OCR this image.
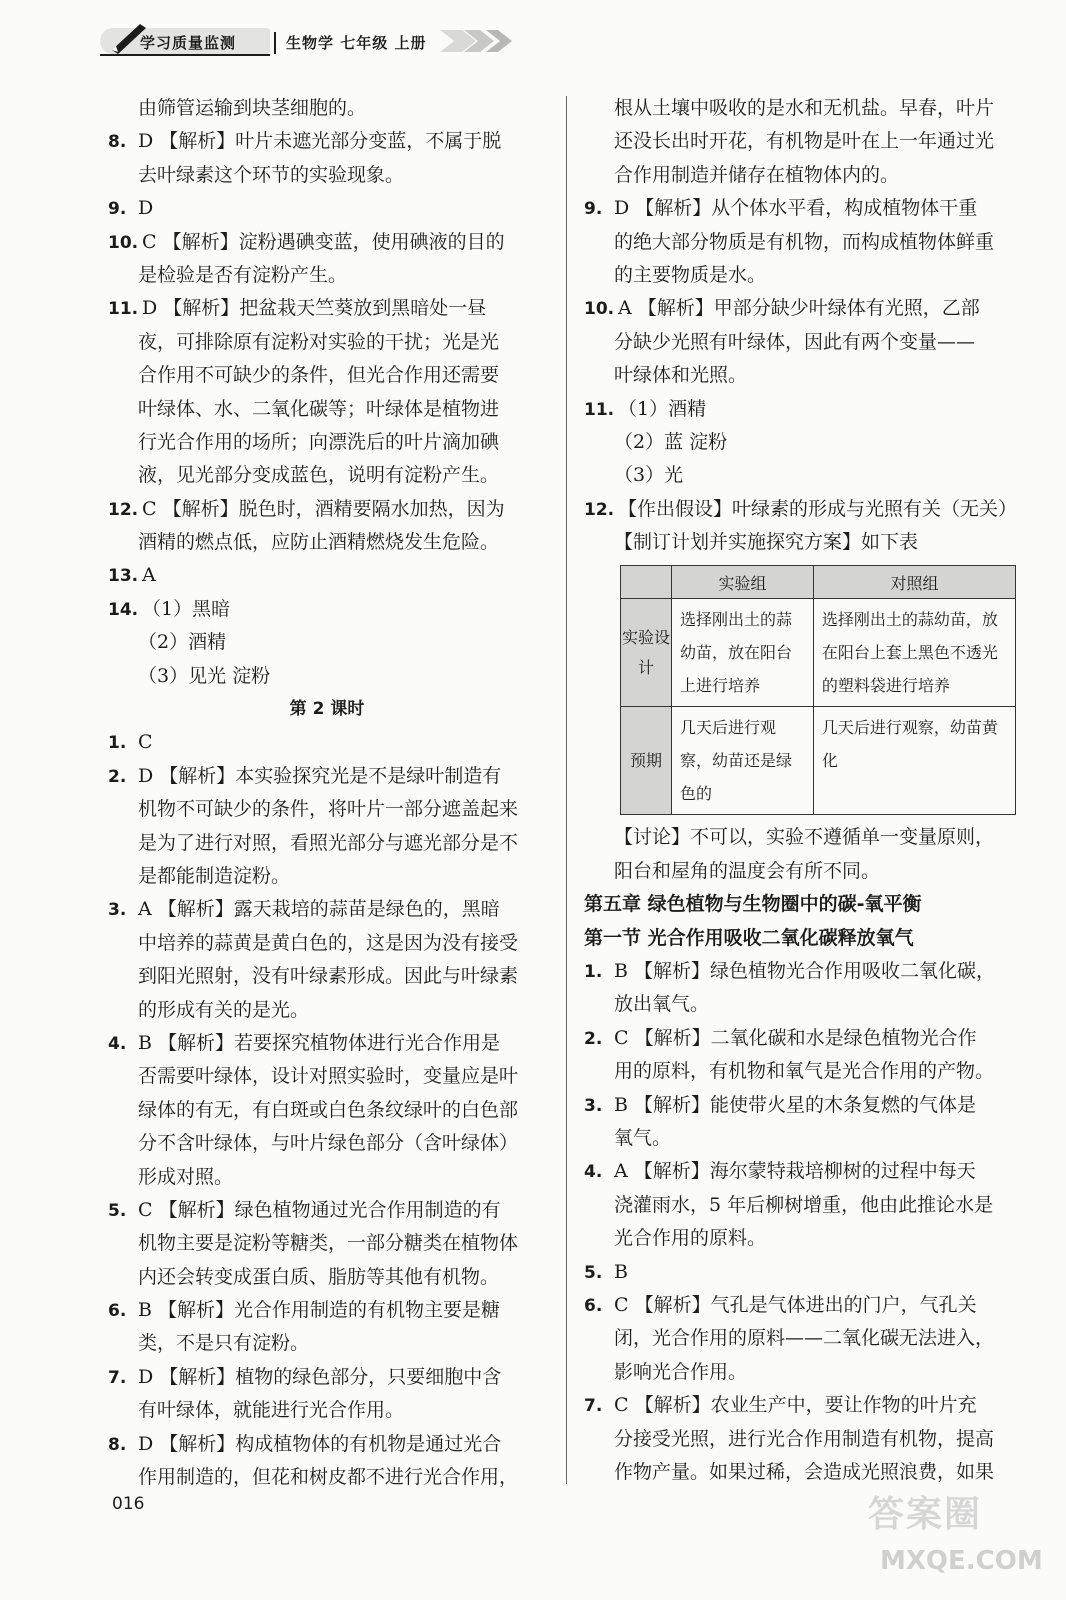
学习质量监测	生物学 七年级 上册
由筛管运输到块茎细胞的。
8. D 【解析】叶片未遮光部分变蓝，不属于脱
去叶绿素这个环节的实验现象。
9. D
10. C 【解析】淀粉遇碘变蓝，使用碘液的目的
是检验是否有淀粉产生。
11. D 【解析】把盆栽天竺葵放到黑暗处一昼
夜，可排除原有淀粉对实验的干扰；光是光
合作用不可缺少的条件，但光合作用还需要
叶绿体、水、二氧化碳等；叶绿体是植物进
行光合作用的场所；向漂洗后的叶片滴加碘
液，见光部分变成蓝色，说明有淀粉产生。
12. C 【解析】脱色时，酒精要隔水加热，因为
酒精的燃点低，应防止酒精燃烧发生危险。
13. A
14. （1）黑暗
（2）酒精
（3）见光 淀粉
第 2 课时
1. C
2. D 【解析】本实验探究光是不是绿叶制造有
机物不可缺少的条件，将叶片一部分遮盖起来
是为了进行对照，看照光部分与遮光部分是不
是都能制造淀粉。
3. A 【解析】露天栽培的蒜苗是绿色的，黑暗
中培养的蒜黄是黄白色的，这是因为没有接受
到阳光照射，没有叶绿素形成。因此与叶绿素
的形成有关的是光。
4. B 【解析】若要探究植物体进行光合作用是
否需要叶绿体，设计对照实验时，变量应是叶
绿体的有无，有白斑或白色条纹绿叶的白色部
分不含叶绿体，与叶片绿色部分（含叶绿体）
形成对照。
5. C 【解析】绿色植物通过光合作用制造的有
机物主要是淀粉等糖类，一部分糖类在植物体
内还会转变成蛋白质、脂肪等其他有机物。
6. B 【解析】光合作用制造的有机物主要是糖
类，不是只有淀粉。
7. D 【解析】植物的绿色部分，只要细胞中含
有叶绿体，就能进行光合作用。
8. D 【解析】构成植物体的有机物是通过光合
作用制造的，但花和树皮都不进行光合作用，
根从土壤中吸收的是水和无机盐。早春，叶片
还没长出时开花，有机物是叶在上一年通过光
合作用制造并储存在植物体内的。
9. D 【解析】从个体水平看，构成植物体干重
的绝大部分物质是有机物，而构成植物体鲜重
的主要物质是水。
10. A 【解析】甲部分缺少叶绿体有光照，乙部
分缺少光照有叶绿体，因此有两个变量——
叶绿体和光照。
11. （1）酒精
（2）蓝 淀粉
（3）光
12. 【作出假设】叶绿素的形成与光照有关（无关）
【制订计划并实施探究方案】如下表
	实验组	对照组
实验设计	选择刚出土的蒜幼苗，放在阳台上进行培养	选择刚出土的蒜幼苗，放在阳台上套上黑色不透光的塑料袋进行培养
预期	几天后进行观察，幼苗还是绿色的	几天后进行观察，幼苗黄化
【讨论】不可以，实验不遵循单一变量原则，
阳台和屋角的温度会有所不同。
第五章 绿色植物与生物圈中的碳-氧平衡
第一节 光合作用吸收二氧化碳释放氧气
1. B 【解析】绿色植物光合作用吸收二氧化碳，
放出氧气。
2. C 【解析】二氧化碳和水是绿色植物光合作
用的原料，有机物和氧气是光合作用的产物。
3. B 【解析】能使带火星的木条复燃的气体是
氧气。
4. A 【解析】海尔蒙特栽培柳树的过程中每天
浇灌雨水，5 年后柳树增重，他由此推论水是
光合作用的原料。
5. B
6. C 【解析】气孔是气体进出的门户，气孔关
闭，光合作用的原料——二氧化碳无法进入，
影响光合作用。
7. C 【解析】农业生产中，要让作物的叶片充
分接受光照，进行光合作用制造有机物，提高
作物产量。如果过稀，会造成光照浪费，如果
016	答案圈
MXQE.COM
